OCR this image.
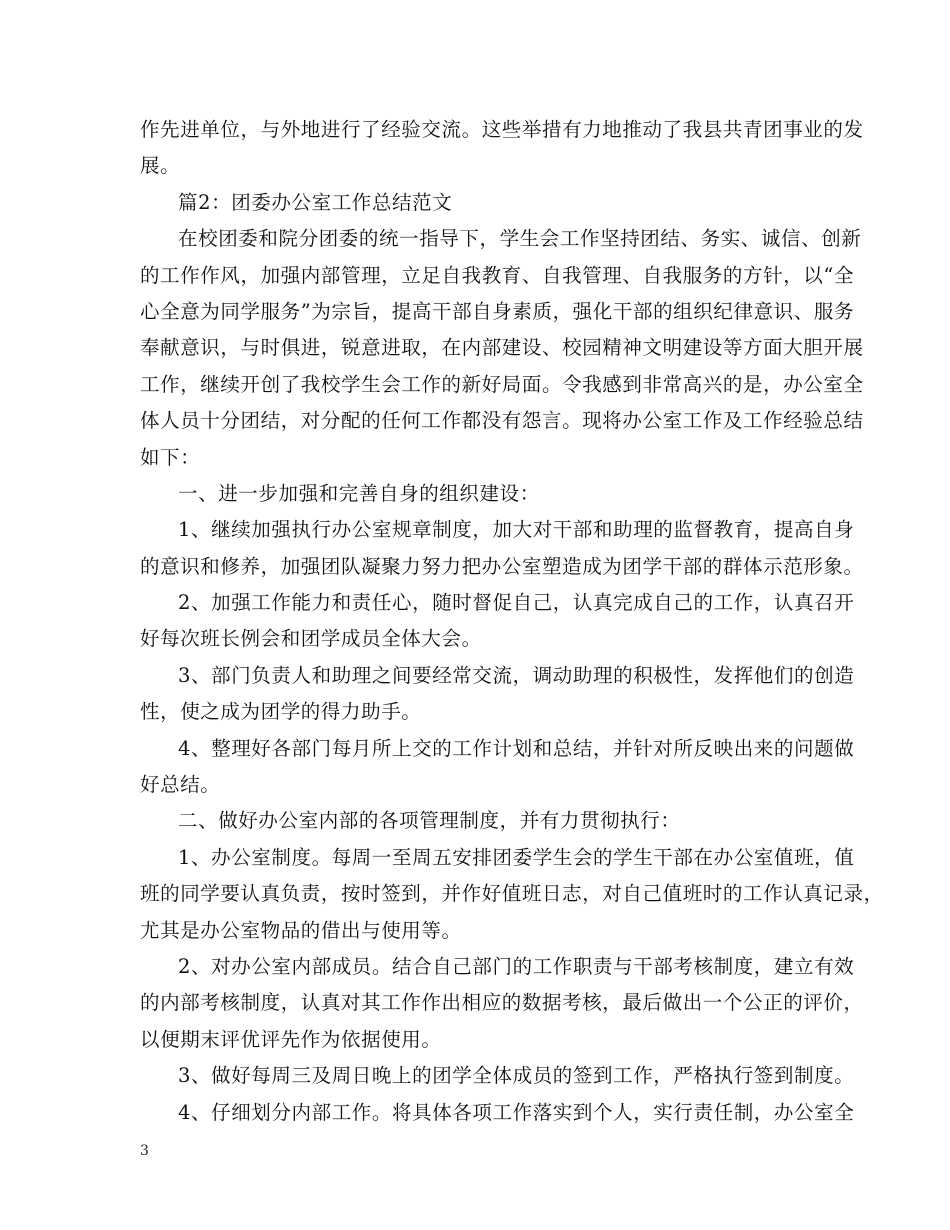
作先进单位，与外地进行了经验交流。这些举措有力地推动了我县共青团事业的发
展。
篇2：团委办公室工作总结范文
在校团委和院分团委的统一指导下，学生会工作坚持团结、务实、诚信、创新
的工作作风，加强内部管理，立足自我教育、自我管理、自我服务的方针，以“全
心全意为同学服务”为宗旨，提高干部自身素质，强化干部的组织纪律意识、服务
奉献意识，与时俱进，锐意进取，在内部建设、校园精神文明建设等方面大胆开展
工作，继续开创了我校学生会工作的新好局面。令我感到非常高兴的是，办公室全
体人员十分团结，对分配的任何工作都没有怨言。现将办公室工作及工作经验总结
如下：
一、进一步加强和完善自身的组织建设：
1、继续加强执行办公室规章制度，加大对干部和助理的监督教育，提高自身
的意识和修养，加强团队凝聚力努力把办公室塑造成为团学干部的群体示范形象。
2、加强工作能力和责任心，随时督促自己，认真完成自己的工作，认真召开
好每次班长例会和团学成员全体大会。
3、部门负责人和助理之间要经常交流，调动助理的积极性，发挥他们的创造
性，使之成为团学的得力助手。
4、整理好各部门每月所上交的工作计划和总结，并针对所反映出来的问题做
好总结。
二、做好办公室内部的各项管理制度，并有力贯彻执行：
1、办公室制度。每周一至周五安排团委学生会的学生干部在办公室值班，值
班的同学要认真负责，按时签到，并作好值班日志，对自己值班时的工作认真记录，
尤其是办公室物品的借出与使用等。
2、对办公室内部成员。结合自己部门的工作职责与干部考核制度，建立有效
的内部考核制度，认真对其工作作出相应的数据考核，最后做出一个公正的评价，
以便期末评优评先作为依据使用。
3、做好每周三及周日晚上的团学全体成员的签到工作，严格执行签到制度。
4、仔细划分内部工作。将具体各项工作落实到个人，实行责任制，办公室全
3
